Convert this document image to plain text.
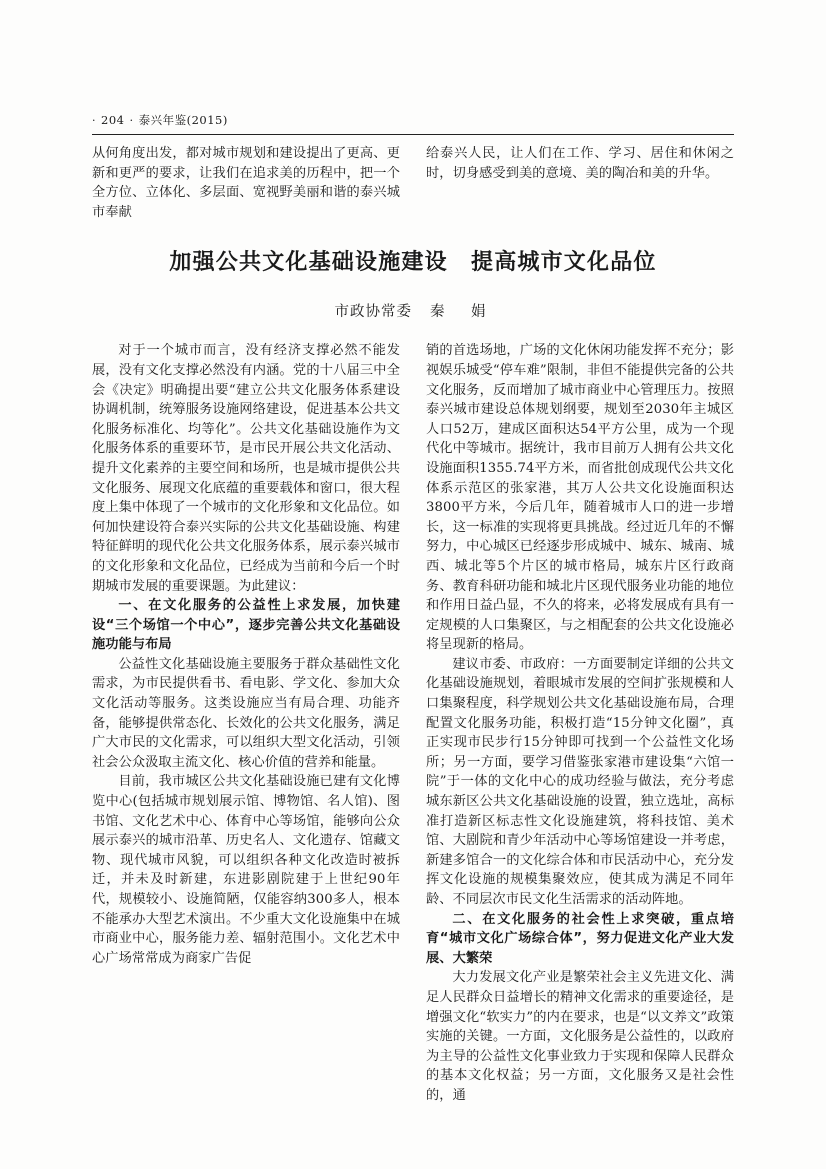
· 204 · 泰兴年鉴(2015)

从何角度出发，都对城市规划和建设提出了更高、更新和更严的要求，让我们在追求美的历程中，把一个全方位、立体化、多层面、宽视野美丽和谐的泰兴城市奉献

给泰兴人民，让人们在工作、学习、居住和休闲之时，切身感受到美的意境、美的陶冶和美的升华。

加强公共文化基础设施建设　提高城市文化品位
市政协常委 秦　娟

对于一个城市而言，没有经济支撑必然不能发展，没有文化支撑必然没有内涵。党的十八届三中全会《决定》明确提出要“建立公共文化服务体系建设协调机制，统筹服务设施网络建设，促进基本公共文化服务标准化、均等化”。公共文化基础设施作为文化服务体系的重要环节，是市民开展公共文化活动、提升文化素养的主要空间和场所，也是城市提供公共文化服务、展现文化底蕴的重要载体和窗口，很大程度上集中体现了一个城市的文化形象和文化品位。如何加快建设符合泰兴实际的公共文化基础设施、构建特征鲜明的现代化公共文化服务体系，展示泰兴城市的文化形象和文化品位，已经成为当前和今后一个时期城市发展的重要课题。为此建议：

一、在文化服务的公益性上求发展，加快建设“三个场馆一个中心”，逐步完善公共文化基础设施功能与布局

公益性文化基础设施主要服务于群众基础性文化需求，为市民提供看书、看电影、学文化、参加大众文化活动等服务。这类设施应当有局合理、功能齐备，能够提供常态化、长效化的公共文化服务，满足广大市民的文化需求，可以组织大型文化活动，引领社会公众汲取主流文化、核心价值的营养和能量。

目前，我市城区公共文化基础设施已建有文化博览中心(包括城市规划展示馆、博物馆、名人馆)、图书馆、文化艺术中心、体育中心等场馆，能够向公众展示泰兴的城市沿革、历史名人、文化遗存、馆藏文物、现代城市风貌，可以组织各种文化改造时被拆迁，并未及时新建，东进影剧院建于上世纪90年代，规模较小、设施简陋，仅能容纳300多人，根本不能承办大型艺术演出。不少重大文化设施集中在城市商业中心，服务能力差、辐射范围小。文化艺术中心广场常常成为商家广告促

销的首选场地，广场的文化休闲功能发挥不充分；影视娱乐城受“停车难”限制，非但不能提供完备的公共文化服务，反而增加了城市商业中心管理压力。按照泰兴城市建设总体规划纲要，规划至2030年主城区人口52万，建成区面积达54平方公里，成为一个现代化中等城市。据统计，我市目前万人拥有公共文化设施面积1355.74平方米，而省批创成现代公共文化体系示范区的张家港，其万人公共文化设施面积达3800平方米，今后几年，随着城市人口的进一步增长，这一标准的实现将更具挑战。经过近几年的不懈努力，中心城区已经逐步形成城中、城东、城南、城西、城北等5个片区的城市格局，城东片区行政商务、教育科研功能和城北片区现代服务业功能的地位和作用日益凸显，不久的将来，必将发展成有具有一定规模的人口集聚区，与之相配套的公共文化设施必将呈现新的格局。

建议市委、市政府：一方面要制定详细的公共文化基础设施规划，着眼城市发展的空间扩张规模和人口集聚程度，科学规划公共文化基础设施布局，合理配置文化服务功能，积极打造“15分钟文化圈”，真正实现市民步行15分钟即可找到一个公益性文化场所；另一方面，要学习借鉴张家港市建设集“六馆一院”于一体的文化中心的成功经验与做法，充分考虑城东新区公共文化基础设施的设置，独立选址，高标准打造新区标志性文化设施建筑，将科技馆、美术馆、大剧院和青少年活动中心等场馆建设一并考虑，新建多馆合一的文化综合体和市民活动中心，充分发挥文化设施的规模集聚效应，使其成为满足不同年龄、不同层次市民文化生活需求的活动阵地。

二、在文化服务的社会性上求突破，重点培育“城市文化广场综合体”，努力促进文化产业大发展、大繁荣

大力发展文化产业是繁荣社会主义先进文化、满足人民群众日益增长的精神文化需求的重要途径，是增强文化“软实力”的内在要求，也是“以文养文”政策实施的关键。一方面，文化服务是公益性的，以政府为主导的公益性文化事业致力于实现和保障人民群众的基本文化权益；另一方面，文化服务又是社会性的，通
